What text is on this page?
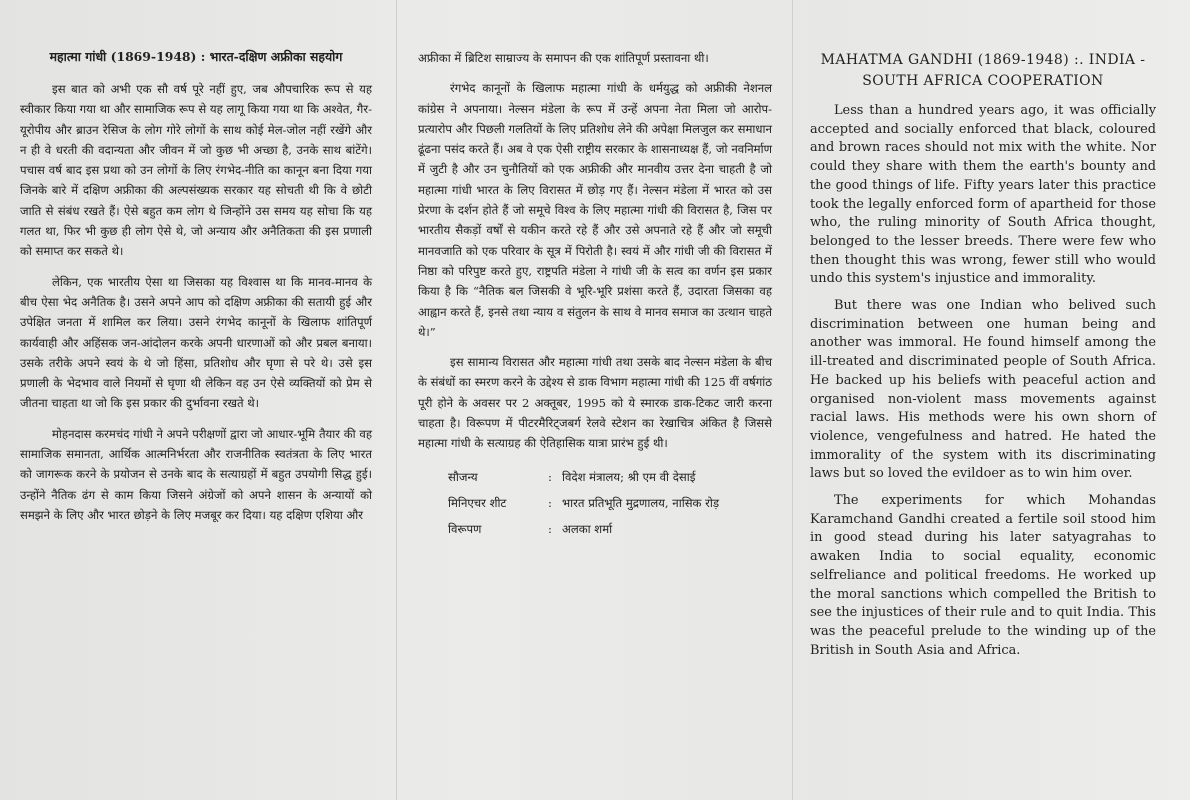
महात्मा गांधी (1869-1948) : भारत-दक्षिण अफ्रीका सहयोग

इस बात को अभी एक सौ वर्ष पूरे नहीं हुए, जब औपचारिक रूप से यह स्वीकार किया गया था और सामाजिक रूप से यह लागू किया गया था कि अश्वेत, गैर-यूरोपीय और ब्राउन रेसिज के लोग गोरे लोगों के साथ कोई मेल-जोल नहीं रखेंगे और न ही वे धरती की वदान्यता और जीवन में जो कुछ भी अच्छा है, उनके साथ बांटेंगे। पचास वर्ष बाद इस प्रथा को उन लोगों के लिए रंगभेद-नीति का कानून बना दिया गया जिनके बारे में दक्षिण अफ्रीका की अल्पसंख्यक सरकार यह सोचती थी कि वे छोटी जाति से संबंध रखते हैं। ऐसे बहुत कम लोग थे जिन्होंने उस समय यह सोचा कि यह गलत था, फिर भी कुछ ही लोग ऐसे थे, जो अन्याय और अनैतिकता की इस प्रणाली को समाप्त कर सकते थे।

लेकिन, एक भारतीय ऐसा था जिसका यह विश्वास था कि मानव-मानव के बीच ऐसा भेद अनैतिक है। उसने अपने आप को दक्षिण अफ्रीका की सतायी हुई और उपेक्षित जनता में शामिल कर लिया। उसने रंगभेद कानूनों के खिलाफ शांतिपूर्ण कार्यवाही और अहिंसक जन-आंदोलन करके अपनी धारणाओं को और प्रबल बनाया। उसके तरीके अपने स्वयं के थे जो हिंसा, प्रतिशोध और घृणा से परे थे। उसे इस प्रणाली के भेदभाव वाले नियमों से घृणा थी लेकिन वह उन ऐसे व्यक्तियों को प्रेम से जीतना चाहता था जो कि इस प्रकार की दुर्भावना रखते थे।

मोहनदास करमचंद गांधी ने अपने परीक्षणों द्वारा जो आधार-भूमि तैयार की वह सामाजिक समानता, आर्थिक आत्मनिर्भरता और राजनीतिक स्वतंत्रता के लिए भारत को जागरूक करने के प्रयोजन से उनके बाद के सत्याग्रहों में बहुत उपयोगी सिद्ध हुई। उन्होंने नैतिक ढंग से काम किया जिसने अंग्रेजों को अपने शासन के अन्यायों को समझने के लिए और भारत छोड़ने के लिए मजबूर कर दिया। यह दक्षिण एशिया और

अफ्रीका में ब्रिटिश साम्राज्य के समापन की एक शांतिपूर्ण प्रस्तावना थी।

रंगभेद कानूनों के खिलाफ महात्मा गांधी के धर्मयुद्ध को अफ्रीकी नेशनल कांग्रेस ने अपनाया। नेल्सन मंडेला के रूप में उन्हें अपना नेता मिला जो आरोप-प्रत्यारोप और पिछली गलतियों के लिए प्रतिशोध लेने की अपेक्षा मिलजुल कर समाधान ढूंढना पसंद करते हैं। अब वे एक ऐसी राष्ट्रीय सरकार के शासनाध्यक्ष हैं, जो नवनिर्माण में जुटी है और उन चुनौतियों को एक अफ्रीकी और मानवीय उत्तर देना चाहती है जो महात्मा गांधी भारत के लिए विरासत में छोड़ गए हैं। नेल्सन मंडेला में भारत को उस प्रेरणा के दर्शन होते हैं जो समूचे विश्व के लिए महात्मा गांधी की विरासत है, जिस पर भारतीय सैकड़ों वर्षों से यकीन करते रहे हैं और उसे अपनाते रहे हैं और जो समूची मानवजाति को एक परिवार के सूत्र में पिरोती है। स्वयं में और गांधी जी की विरासत में निष्ठा को परिपुष्ट करते हुए, राष्ट्रपति मंडेला ने गांधी जी के सत्व का वर्णन इस प्रकार किया है कि “नैतिक बल जिसकी वे भूरि-भूरि प्रशंसा करते हैं, उदारता जिसका वह आह्वान करते हैं, इनसे तथा न्याय व संतुलन के साथ वे मानव समाज का उत्थान चाहते थे।”

इस सामान्य विरासत और महात्मा गांधी तथा उसके बाद नेल्सन मंडेला के बीच के संबंधों का स्मरण करने के उद्देश्य से डाक विभाग महात्मा गांधी की 125 वीं वर्षगांठ पूरी होने के अवसर पर 2 अक्तूबर, 1995 को ये स्मारक डाक-टिकट जारी करना चाहता है। विरूपण में पीटरमैरिट्जबर्ग रेलवे स्टेशन का रेखाचित्र अंकित है जिससे महात्मा गांधी के सत्याग्रह की ऐतिहासिक यात्रा प्रारंभ हुई थी।

सौजन्य	: विदेश मंत्रालय; श्री एम वी देसाई
मिनिएचर शीट	: भारत प्रतिभूति मुद्रणालय, नासिक रोड़
विरूपण	: अलका शर्मा
MAHATMA GANDHI (1869-1948) :. INDIA - SOUTH AFRICA COOPERATION

Less than a hundred years ago, it was officially accepted and socially enforced that black, coloured and brown races should not mix with the white. Nor could they share with them the earth's bounty and the good things of life. Fifty years later this practice took the legally enforced form of apartheid for those who, the ruling minority of South Africa thought, belonged to the lesser breeds. There were few who then thought this was wrong, fewer still who would undo this system's injustice and immorality.

But there was one Indian who belived such discrimination between one human being and another was immoral. He found himself among the ill-treated and discriminated people of South Africa. He backed up his beliefs with peaceful action and organised non-violent mass movements against racial laws. His methods were his own shorn of violence, vengefulness and hatred. He hated the immorality of the system with its discriminating laws but so loved the evildoer as to win him over.

The experiments for which Mohandas Karamchand Gandhi created a fertile soil stood him in good stead during his later satyagrahas to awaken India to social equality, economic selfreliance and political freedoms. He worked up the moral sanctions which compelled the British to see the injustices of their rule and to quit India. This was the peaceful prelude to the winding up of the British in South Asia and Africa.
